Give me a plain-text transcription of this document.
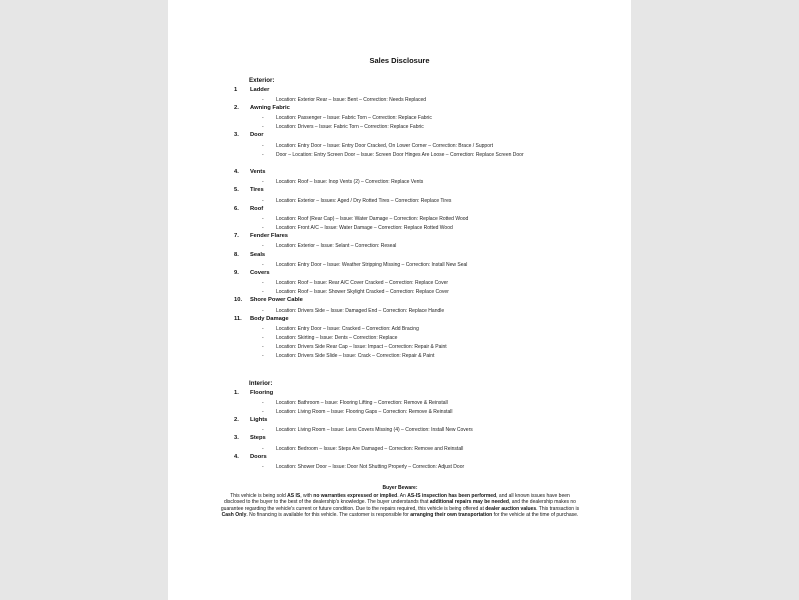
Sales Disclosure
Exterior:
1 Ladder
- Location: Exterior Rear – Issue: Bent – Correction: Needs Replaced
2. Awning Fabric
- Location: Passenger – Issue: Fabric Torn – Correction: Replace Fabric
- Location: Drivers – Issue: Fabric Torn – Correction: Replace Fabric
3. Door
- Location: Entry Door – Issue: Entry Door Cracked, On Lower Corner – Correction: Brace / Support
- Door – Location: Entry Screen Door – Issue: Screen Door Hinges Are Loose – Correction: Replace Screen Door
4. Vents
- Location: Roof – Issue: Inop Vents (2) – Correction: Replace Vents
5. Tires
- Location: Exterior – Issues: Aged / Dry Rotted Tires – Correction: Replace Tires
6. Roof
- Location: Roof (Rear Cap) – Issue: Water Damage – Correction: Replace Rotted Wood
- Location: Front A/C – Issue: Water Damage – Correction: Replace Rotted Wood
7. Fender Flares
- Location: Exterior – Issue: Selant – Correction: Reseal
8. Seals
- Location: Entry Door – Issue: Weather Stripping Missing – Correction: Install New Seal
9. Covers
- Location: Roof – Issue: Rear A/C Cover Cracked – Correction: Replace Cover
- Location: Roof – Issue: Shower Skylight Cracked – Correction: Replace Cover
10. Shore Power Cable
- Location: Drivers Side – Issue: Damaged End – Correction: Replace Handle
11. Body Damage
- Location: Entry Door – Issue: Cracked – Correction: Add Bracing
- Location: Skirting – Issue: Dents – Correction: Replace
- Location: Drivers Side Rear Cap – Issue: Impact – Correction: Repair & Paint
- Location: Drivers Side Slide – Issue: Crack – Correction: Repair & Paint
Interior:
1. Flooring
- Location: Bathroom – Issue: Flooring Lifting – Correction: Remove & Reinstall
- Location: Living Room – Issue: Flooring Gaps – Correction: Remove & Reinstall
2. Lights
- Location: Living Room – Issue: Lens Covers Missing (4) – Correction: Install New Covers
3. Steps
- Location: Bedroom – Issue: Steps Are Damaged – Correction: Remove and Reinstall
4. Doors
- Location: Shower Door – Issue: Door Not Shutting Properly – Correction: Adjust Door
Buyer Beware:
This vehicle is being sold AS IS, with no warranties expressed or implied. An AS-IS inspection has been performed, and all known issues have been disclosed to the buyer to the best of the dealership's knowledge. The buyer understands that additional repairs may be needed, and the dealership makes no guarantee regarding the vehicle's current or future condition. Due to the repairs required, this vehicle is being offered at dealer auction values. This transaction is Cash Only. No financing is available for this vehicle. The customer is responsible for arranging their own transportation for the vehicle at the time of purchase.
